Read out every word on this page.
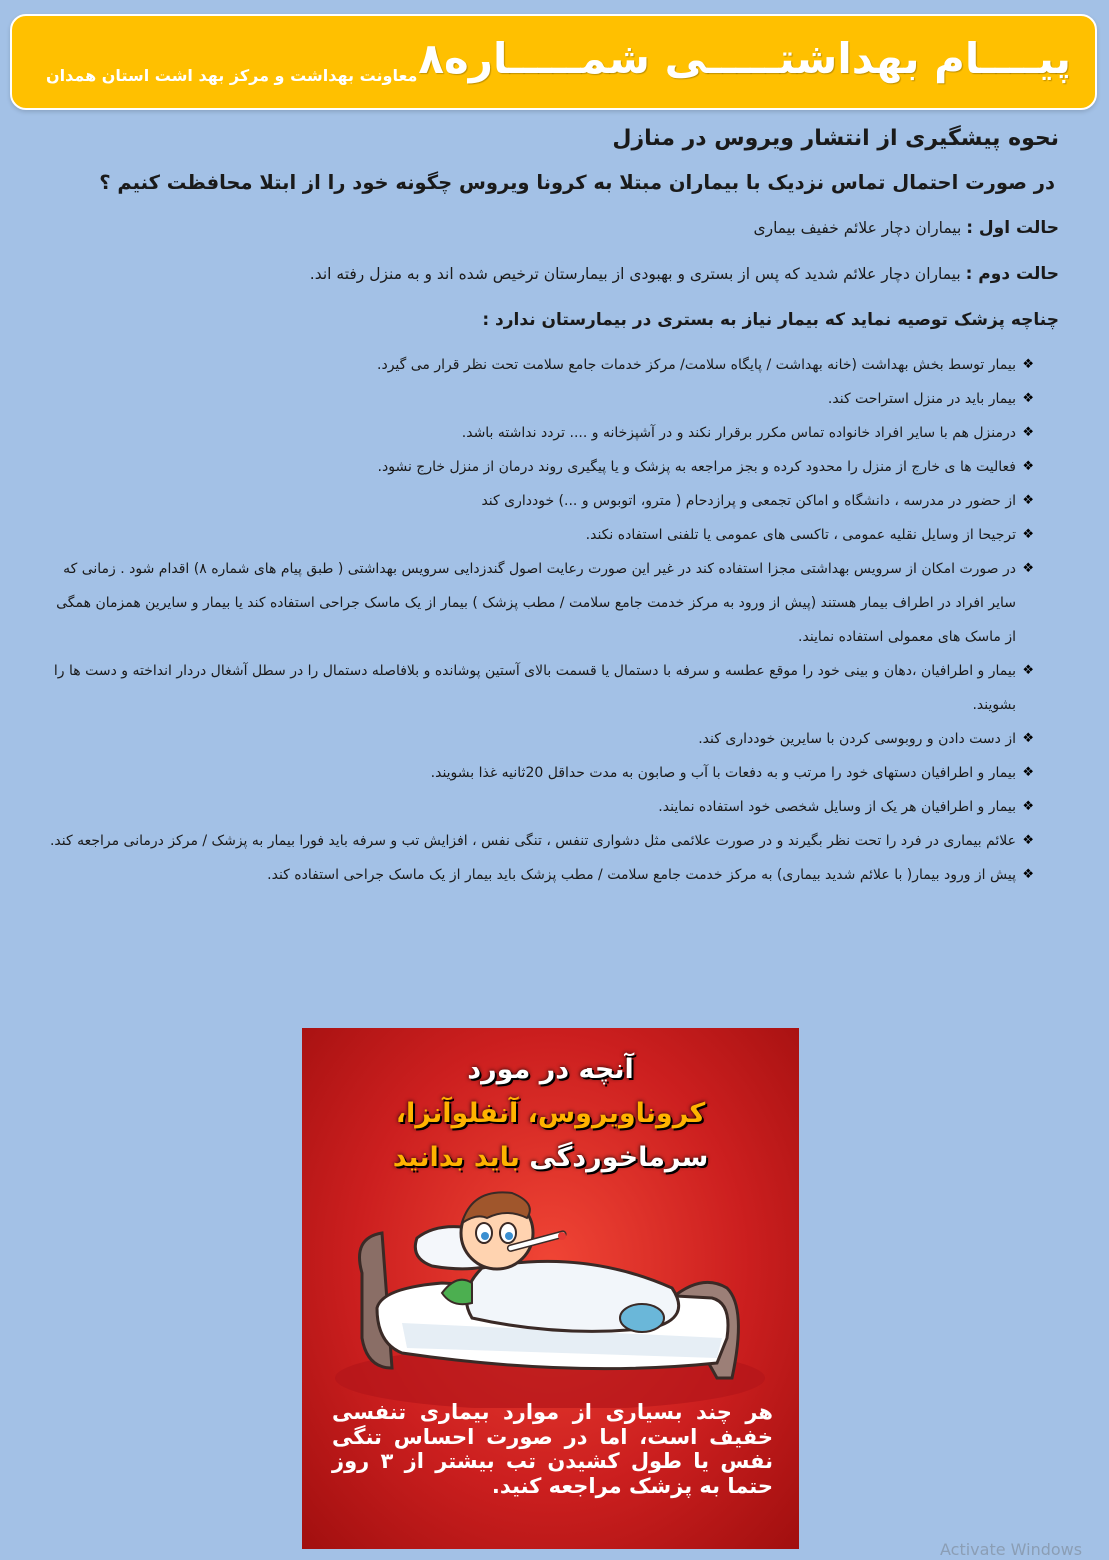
پیــــام بهداشتـــــی شمـــــاره۸
معاونت بهداشت و مرکز بهد اشت استان همدان
نحوه پیشگیری از انتشار ویروس در منازل
در صورت احتمال تماس نزدیک با بیماران مبتلا به کرونا ویروس چگونه خود را از ابتلا محافظت کنیم ؟
حالت اول : بیماران دچار علائم خفیف بیماری
حالت دوم : بیماران دچار علائم شدید که پس از بستری و بهبودی از بیمارستان ترخیص شده اند و به منزل رفته اند.
چناچه پزشک توصیه نماید که بیمار نیاز به بستری در بیمارستان ندارد :
❖
بیمار توسط بخش بهداشت (خانه بهداشت / پایگاه سلامت/ مرکز خدمات جامع سلامت تحت نظر قرار می گیرد.
❖
بیمار باید در منزل استراحت کند.
❖
درمنزل هم با سایر افراد خانواده تماس مکرر برقرار نکند و در آشپزخانه و .... تردد نداشته باشد.
❖
فعالیت ها ی خارج از منزل را محدود کرده و بجز مراجعه به پزشک و یا پیگیری روند درمان از منزل خارج نشود.
❖
از حضور در مدرسه ، دانشگاه و اماکن تجمعی و پرازدحام ( مترو، اتوبوس و ...) خودداری کند
❖
ترجیحا از وسایل نقلیه عمومی ، تاکسی های عمومی یا تلفنی استفاده نکند.
❖
در صورت امکان از سرویس بهداشتی مجزا استفاده کند در غیر این صورت رعایت اصول گندزدایی سرویس بهداشتی ( طبق پیام های شماره ۸) اقدام شود . زمانی که سایر افراد در اطراف بیمار هستند (پیش از ورود به مرکز خدمت جامع سلامت / مطب پزشک ) بیمار از یک ماسک جراحی استفاده کند یا بیمار و سایرین همزمان همگی از ماسک های معمولی استفاده نمایند.
❖
بیمار و اطرافیان ،دهان و بینی خود را موقع عطسه و سرفه با دستمال یا قسمت بالای آستین پوشانده و بلافاصله دستمال را در سطل آشغال دردار انداخته و دست ها را بشویند.
❖
از دست دادن و روبوسی کردن با سایرین خودداری کند.
❖
بیمار و اطرافیان دستهای خود را مرتب و به دفعات با آب و صابون به مدت حداقل 20ثانیه غذا بشویند.
❖
بیمار و اطرافیان هر یک از وسایل شخصی خود استفاده نمایند.
❖
علائم بیماری در فرد را تحت نظر بگیرند و در صورت علائمی مثل دشواری تنفس ، تنگی نفس ، افزایش تب و سرفه باید فورا بیمار به پزشک / مرکز درمانی مراجعه کند.
❖
پیش از ورود بیمار( با علائم شدید بیماری) به مرکز خدمت جامع سلامت / مطب پزشک باید بیمار از یک ماسک جراحی استفاده کند.
آنچه در مورد
کروناویروس، آنفلوآنزا،
سرماخوردگی باید بدانید
هر چند بسیاری از موارد بیماری تنفسی خفیف است، اما در صورت احساس تنگی نفس یا طول کشیدن تب بیشتر از ۳ روز حتما به پزشک مراجعه کنید.
Activate Windows
